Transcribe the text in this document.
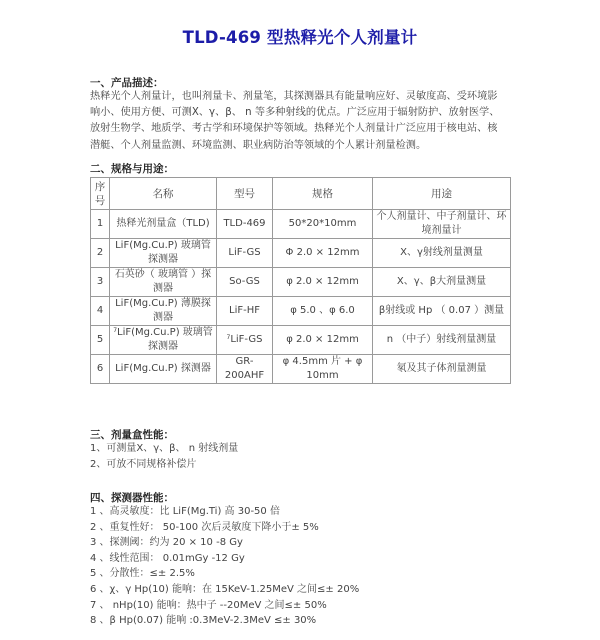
TLD-469 型热释光个人剂量计
一、产品描述：
热释光个人剂量计，也叫剂量卡、剂量笔，其探测器具有能量响应好、灵敏度高、受环境影
响小、使用方便、可测X、γ、β、 n 等多种射线的优点。广泛应用于辐射防护、放射医学、
放射生物学、地质学、考古学和环境保护等领域。热释光个人剂量计广泛应用于核电站、核
潜艇、个人剂量监测、环境监测、职业病防治等领域的个人累计剂量检测。
二、规格与用途：
序号	名称	型号	规格	用途
1	热释光剂量盒（TLD)	TLD-469	50*20*10mm	个人剂量计、中子剂量计、环境剂量计
2	LiF(Mg.Cu.P) 玻璃管探测器	LiF-GS	Φ 2.0 × 12mm	X、γ射线剂量测量
3	石英砂（ 玻璃管 ）探测器	So-GS	φ 2.0 × 12mm	X、γ、β大剂量测量
4	LiF(Mg.Cu.P) 薄膜探测器	LiF-HF	φ 5.0 、φ 6.0	β射线或 Hp （ 0.07 ）测量
5	$^7$LiF(Mg.Cu.P) 玻璃管探测器	$^7$LiF-GS	φ 2.0 × 12mm	n （中子）射线剂量测量
6	LiF(Mg.Cu.P) 探测器	GR-200AHF	φ 4.5mm 片 + φ 10mm	氡及其子体剂量测量
三、剂量盒性能：
1、可测量X、γ、β、 n 射线剂量
2、可放不同规格补偿片
四、探测器性能：
1 、高灵敏度：比 LiF(Mg.Ti) 高 30-50 倍
2 、重复性好： 50-100 次后灵敏度下降小于± 5%
3 、探测阈：约为 20 × 10 -8 Gy
4 、线性范围： 0.01mGy -12 Gy
5 、分散性：≤± 2.5%
6 、χ、γ Hp(10) 能响：在 15KeV-1.25MeV 之间≤± 20%
7 、 nHp(10) 能响：热中子 --20MeV 之间≤± 50%
8 、β Hp(0.07) 能响 :0.3MeV-2.3MeV ≤± 30%
